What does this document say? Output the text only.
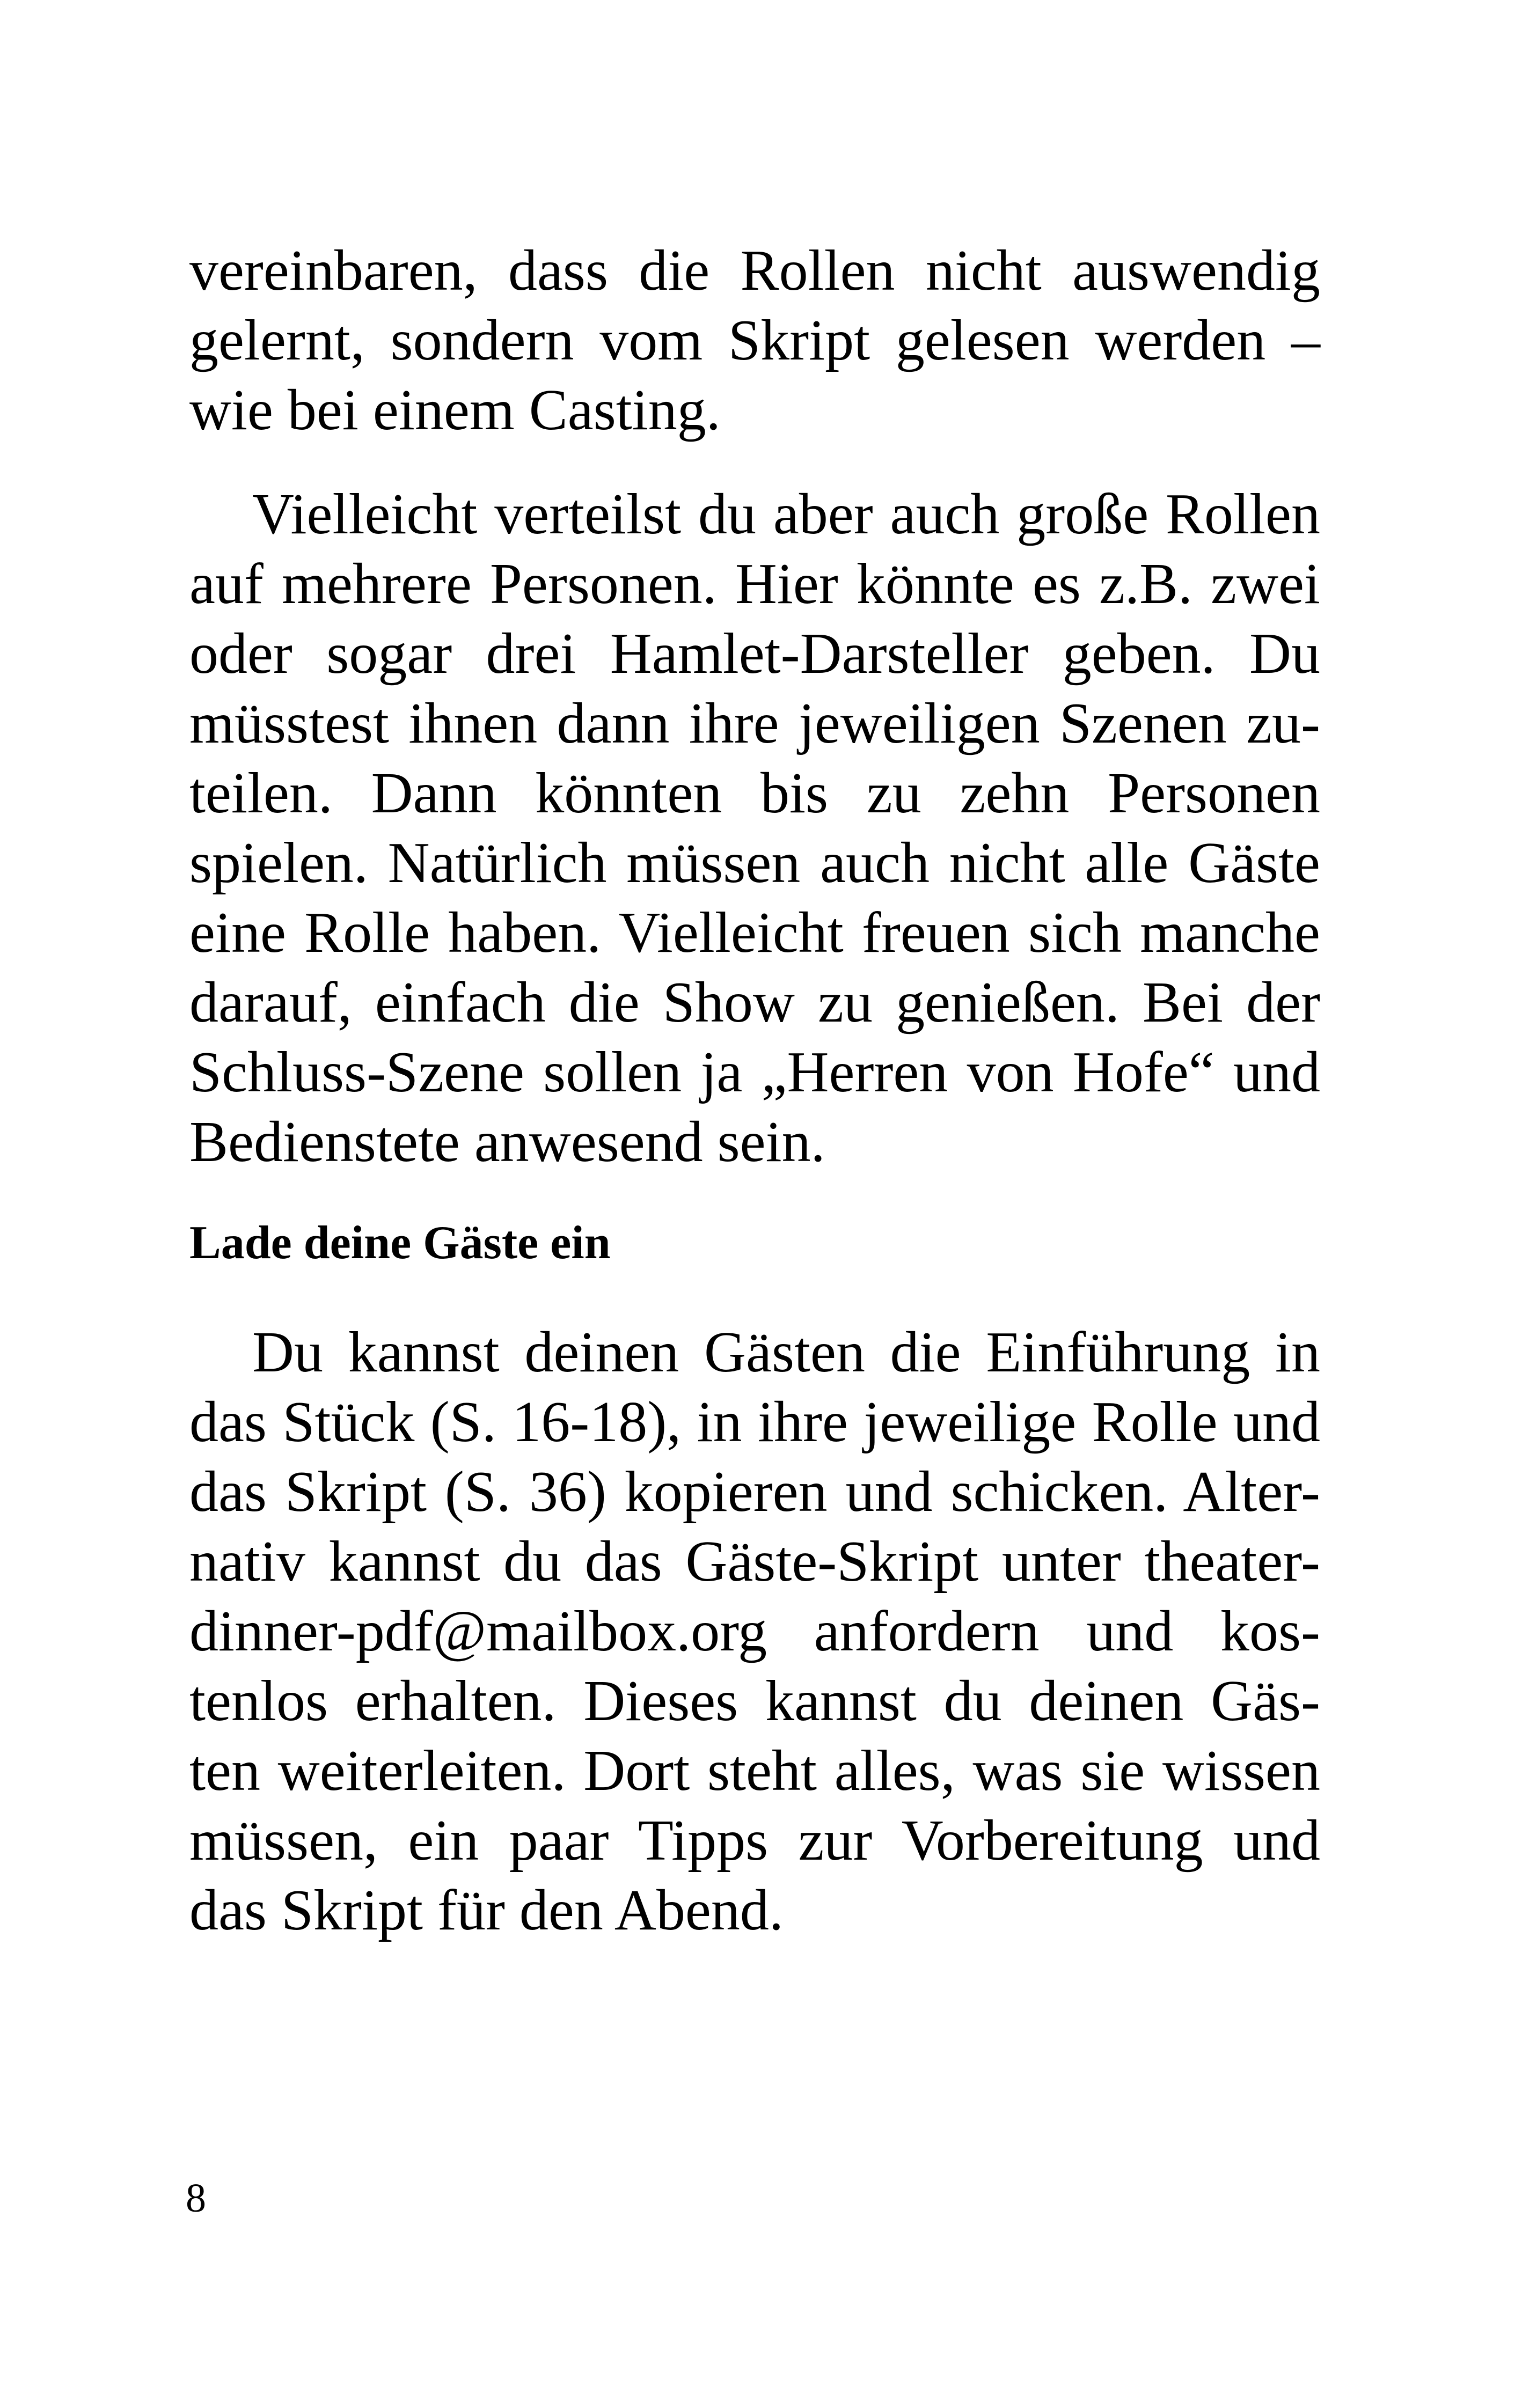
vereinbaren, dass die Rollen nicht auswendig
gelernt, sondern vom Skript gelesen werden –
wie bei einem Casting.
Vielleicht verteilst du aber auch große Rollen
auf mehrere Personen. Hier könnte es z.B. zwei
oder sogar drei Hamlet-Darsteller geben. Du
müsstest ihnen dann ihre jeweiligen Szenen zu-
teilen. Dann könnten bis zu zehn Personen
spielen. Natürlich müssen auch nicht alle Gäste
eine Rolle haben. Vielleicht freuen sich manche
darauf, einfach die Show zu genießen. Bei der
Schluss-Szene sollen ja „Herren von Hofe“ und
Bedienstete anwesend sein.
Lade deine Gäste ein
Du kannst deinen Gästen die Einführung in
das Stück (S. 16-18), in ihre jeweilige Rolle und
das Skript (S. 36) kopieren und schicken. Alter-
nativ kannst du das Gäste-Skript unter theater-
dinner-pdf@mailbox.org anfordern und kos-
tenlos erhalten. Dieses kannst du deinen Gäs-
ten weiterleiten. Dort steht alles, was sie wissen
müssen, ein paar Tipps zur Vorbereitung und
das Skript für den Abend.
8
